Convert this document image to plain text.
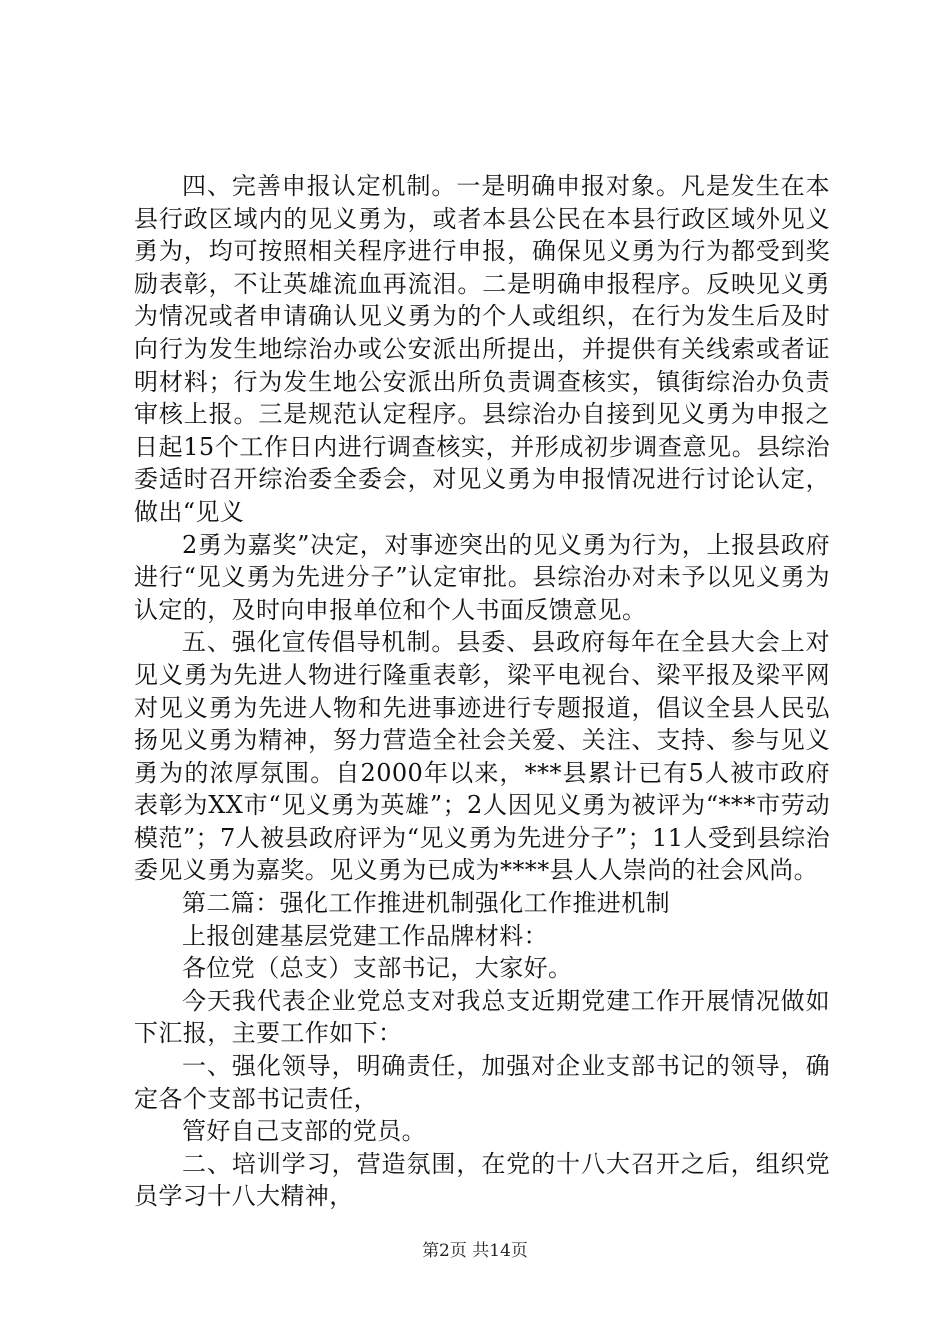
四、完善申报认定机制。一是明确申报对象。凡是发生在本县行政区域内的见义勇为，或者本县公民在本县行政区域外见义勇为，均可按照相关程序进行申报，确保见义勇为行为都受到奖励表彰，不让英雄流血再流泪。二是明确申报程序。反映见义勇为情况或者申请确认见义勇为的个人或组织，在行为发生后及时向行为发生地综治办或公安派出所提出，并提供有关线索或者证明材料；行为发生地公安派出所负责调查核实，镇街综治办负责审核上报。三是规范认定程序。县综治办自接到见义勇为申报之日起15个工作日内进行调查核实，并形成初步调查意见。县综治委适时召开综治委全委会，对见义勇为申报情况进行讨论认定，做出“见义

2勇为嘉奖”决定，对事迹突出的见义勇为行为，上报县政府进行“见义勇为先进分子”认定审批。县综治办对未予以见义勇为认定的，及时向申报单位和个人书面反馈意见。

五、强化宣传倡导机制。县委、县政府每年在全县大会上对见义勇为先进人物进行隆重表彰，梁平电视台、梁平报及梁平网对见义勇为先进人物和先进事迹进行专题报道，倡议全县人民弘扬见义勇为精神，努力营造全社会关爱、关注、支持、参与见义勇为的浓厚氛围。自2000年以来，***县累计已有5人被市政府表彰为XX市“见义勇为英雄”；2人因见义勇为被评为“***市劳动模范”；7人被县政府评为“见义勇为先进分子”；11人受到县综治委见义勇为嘉奖。见义勇为已成为****县人人崇尚的社会风尚。

第二篇：强化工作推进机制强化工作推进机制

上报创建基层党建工作品牌材料：

各位党（总支）支部书记，大家好。

今天我代表企业党总支对我总支近期党建工作开展情况做如下汇报，主要工作如下：

一、强化领导，明确责任，加强对企业支部书记的领导，确定各个支部书记责任，

管好自己支部的党员。

二、培训学习，营造氛围，在党的十八大召开之后，组织党员学习十八大精神，

第2页 共14页
